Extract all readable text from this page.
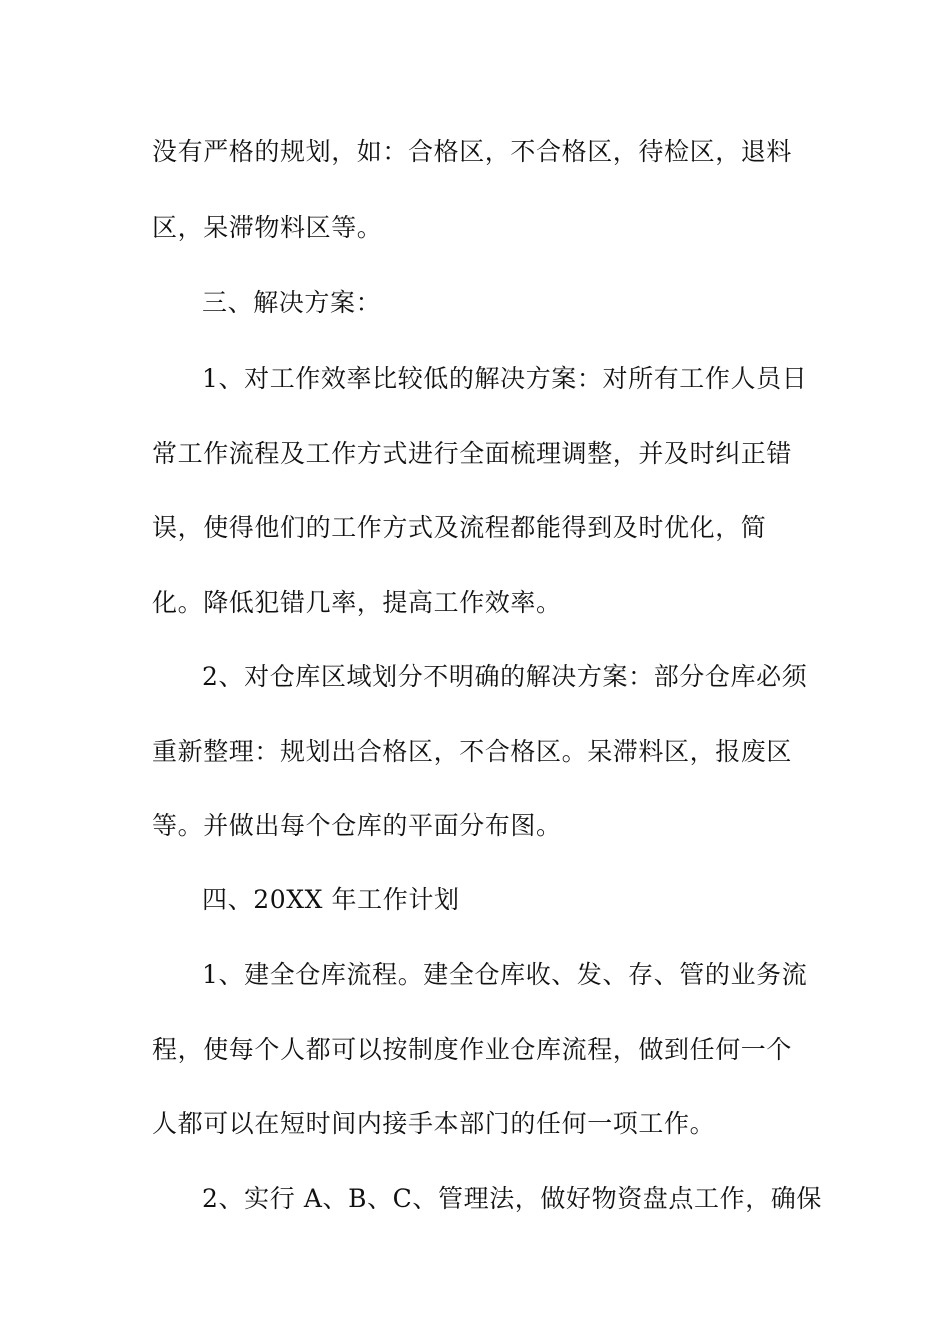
没有严格的规划，如：合格区，不合格区，待检区，退料
区，呆滞物料区等。
三、解决方案：
1、对工作效率比较低的解决方案：对所有工作人员日
常工作流程及工作方式进行全面梳理调整，并及时纠正错
误，使得他们的工作方式及流程都能得到及时优化，简
化。降低犯错几率，提高工作效率。
2、对仓库区域划分不明确的解决方案：部分仓库必须
重新整理：规划出合格区，不合格区。呆滞料区，报废区
等。并做出每个仓库的平面分布图。
四、20XX 年工作计划
1、建全仓库流程。建全仓库收、发、存、管的业务流
程，使每个人都可以按制度作业仓库流程，做到任何一个
人都可以在短时间内接手本部门的任何一项工作。
2、实行 A、B、C、管理法，做好物资盘点工作，确保
